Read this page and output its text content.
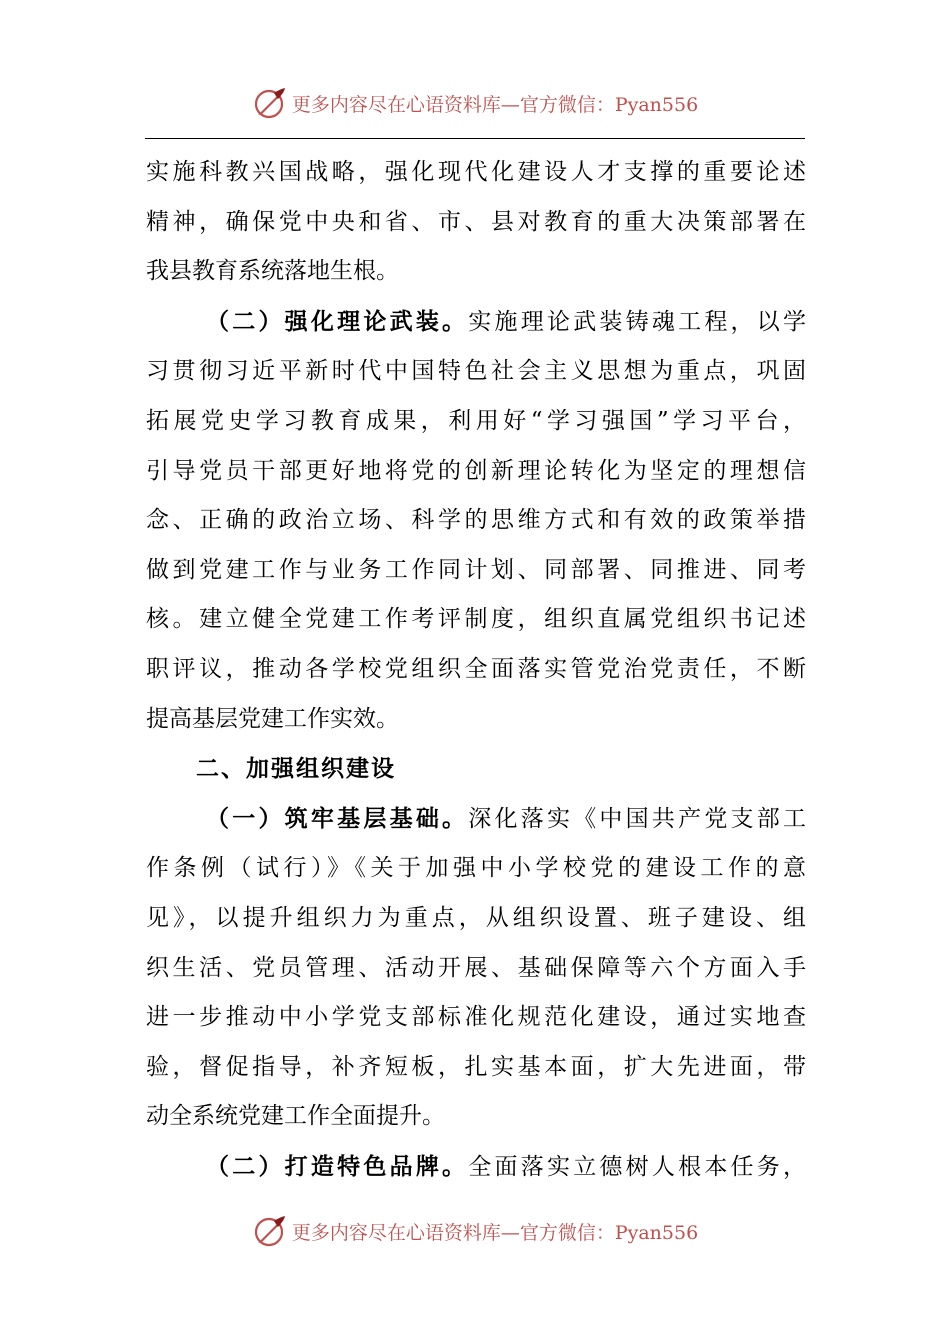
更多内容尽在心语资料库—官方微信：Pyan556
实施科教兴国战略，强化现代化建设人才支撑的重要论述
精神，确保党中央和省、市、县对教育的重大决策部署在
我县教育系统落地生根。
（二）强化理论武装。实施理论武装铸魂工程，以学
习贯彻习近平新时代中国特色社会主义思想为重点，巩固
拓展党史学习教育成果，利用好“学习强国”学习平台，
引导党员干部更好地将党的创新理论转化为坚定的理想信
念、正确的政治立场、科学的思维方式和有效的政策举措
做到党建工作与业务工作同计划、同部署、同推进、同考
核。建立健全党建工作考评制度，组织直属党组织书记述
职评议，推动各学校党组织全面落实管党治党责任，不断
提高基层党建工作实效。
二、加强组织建设
（一）筑牢基层基础。深化落实《中国共产党支部工
作条例（试行）》《关于加强中小学校党的建设工作的意
见》，以提升组织力为重点，从组织设置、班子建设、组
织生活、党员管理、活动开展、基础保障等六个方面入手
进一步推动中小学党支部标准化规范化建设，通过实地查
验，督促指导，补齐短板，扎实基本面，扩大先进面，带
动全系统党建工作全面提升。
（二）打造特色品牌。全面落实立德树人根本任务，
更多内容尽在心语资料库—官方微信：Pyan556
